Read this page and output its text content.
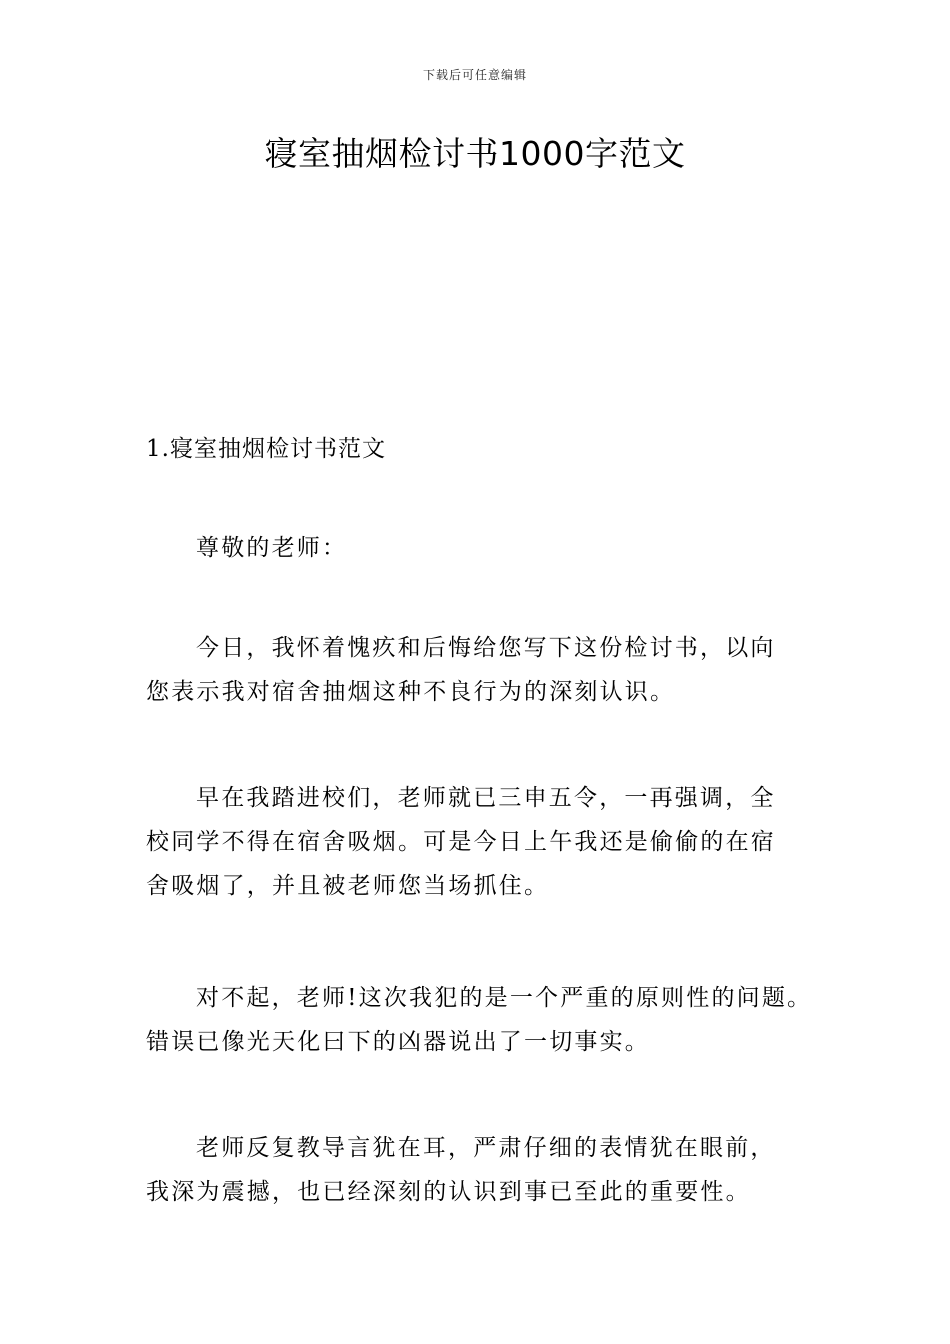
下载后可任意编辑
寝室抽烟检讨书1000字范文
1.寝室抽烟检讨书范文
尊敬的老师：
今日，我怀着愧疚和后悔给您写下这份检讨书，以向
您表示我对宿舍抽烟这种不良行为的深刻认识。
早在我踏进校们，老师就已三申五令，一再强调，全
校同学不得在宿舍吸烟。可是今日上午我还是偷偷的在宿
舍吸烟了，并且被老师您当场抓住。
对不起，老师!这次我犯的是一个严重的原则性的问题。
错误已像光天化曰下的凶器说出了一切事实。
老师反复教导言犹在耳，严肃仔细的表情犹在眼前，
我深为震撼，也已经深刻的认识到事已至此的重要性。
